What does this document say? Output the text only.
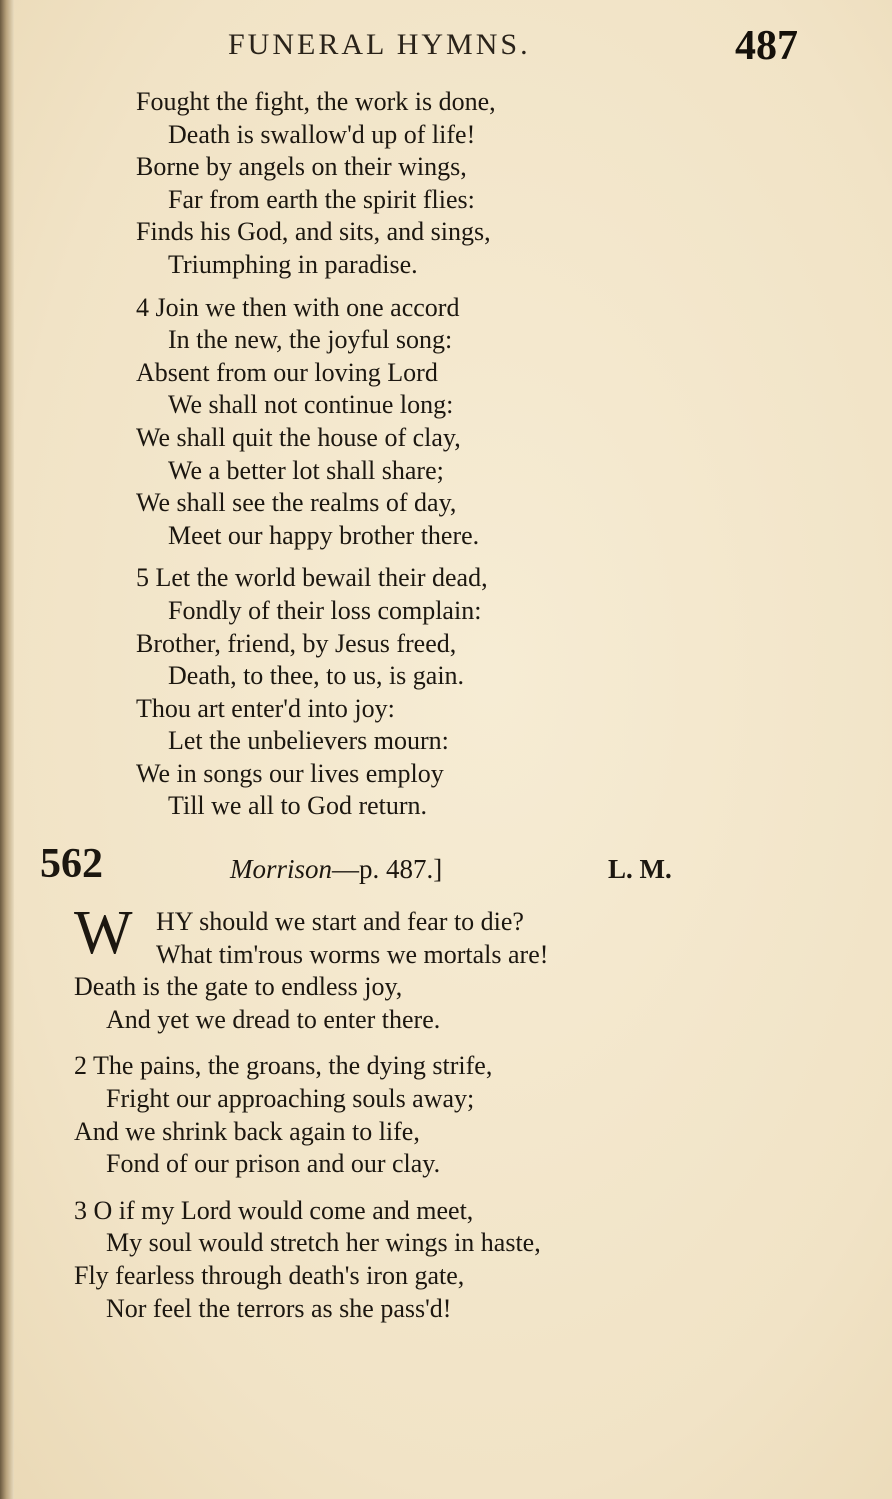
FUNERAL HYMNS.	487
Fought the fight, the work is done,
Death is swallow'd up of life!
Borne by angels on their wings,
Far from earth the spirit flies:
Finds his God, and sits, and sings,
Triumphing in paradise.
4 Join we then with one accord
In the new, the joyful song:
Absent from our loving Lord
We shall not continue long:
We shall quit the house of clay,
We a better lot shall share;
We shall see the realms of day,
Meet our happy brother there.
5 Let the world bewail their dead,
Fondly of their loss complain:
Brother, friend, by Jesus freed,
Death, to thee, to us, is gain.
Thou art enter'd into joy:
Let the unbelievers mourn:
We in songs our lives employ
Till we all to God return.
562	Morrison—p. 487.]	L. M.
W HY should we start and fear to die?
What tim'rous worms we mortals are!
Death is the gate to endless joy,
And yet we dread to enter there.
2 The pains, the groans, the dying strife,
Fright our approaching souls away;
And we shrink back again to life,
Fond of our prison and our clay.
3 O if my Lord would come and meet,
My soul would stretch her wings in haste,
Fly fearless through death's iron gate,
Nor feel the terrors as she pass'd!
